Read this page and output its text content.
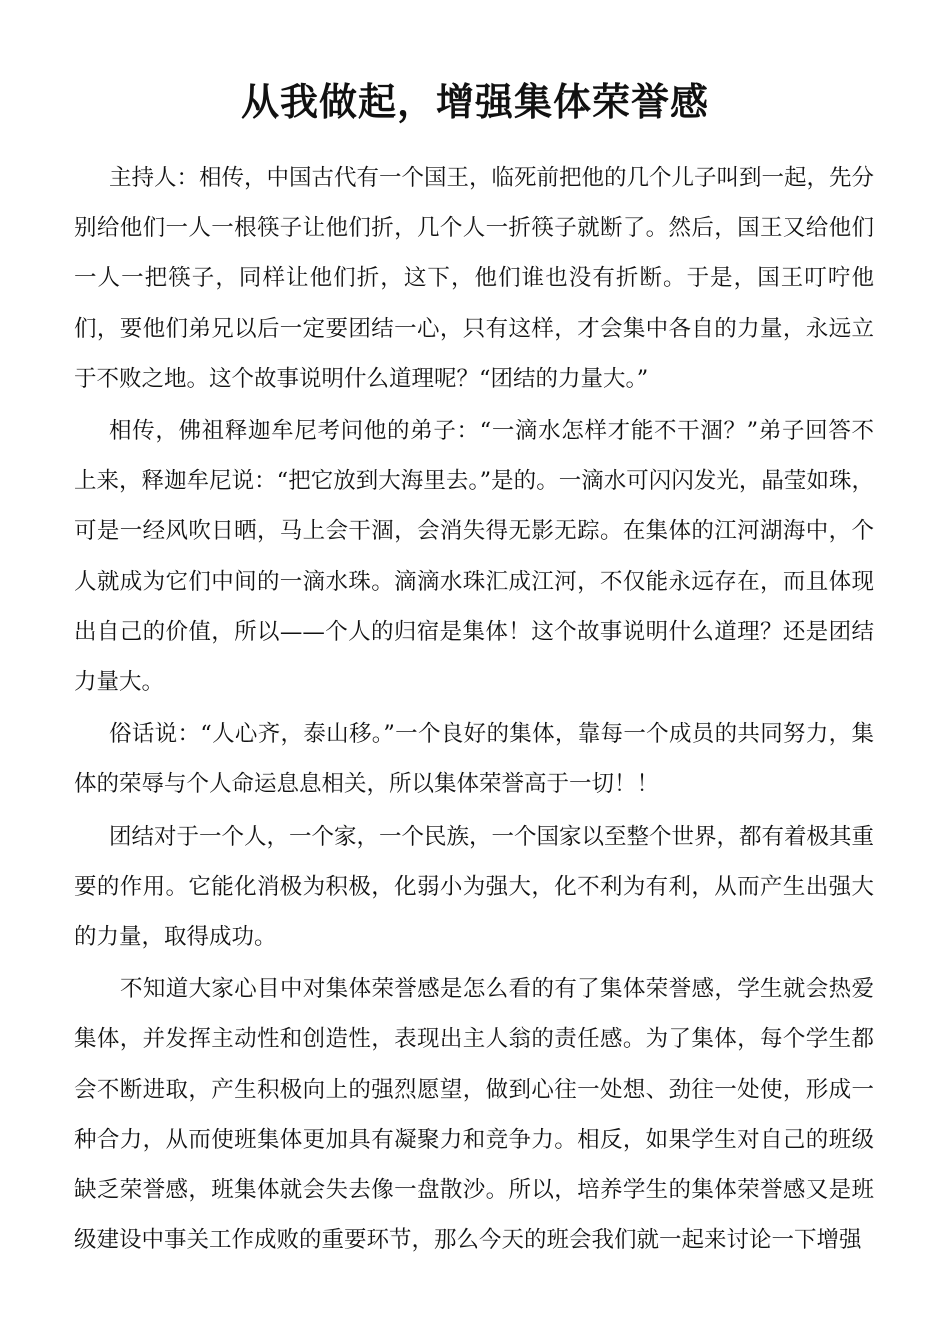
从我做起，增强集体荣誉感

主持人：相传，中国古代有一个国王，临死前把他的几个儿子叫到一起，先分别给他们一人一根筷子让他们折，几个人一折筷子就断了。然后，国王又给他们一人一把筷子，同样让他们折，这下，他们谁也没有折断。于是，国王叮咛他们，要他们弟兄以后一定要团结一心，只有这样，才会集中各自的力量，永远立于不败之地。这个故事说明什么道理呢？“团结的力量大。”

相传，佛祖释迦牟尼考问他的弟子：“一滴水怎样才能不干涸？”弟子回答不上来，释迦牟尼说：“把它放到大海里去。”是的。一滴水可闪闪发光，晶莹如珠，可是一经风吹日晒，马上会干涸，会消失得无影无踪。在集体的江河湖海中，个人就成为它们中间的一滴水珠。滴滴水珠汇成江河，不仅能永远存在，而且体现出自己的价值，所以——个人的归宿是集体！这个故事说明什么道理？还是团结力量大。

俗话说：“人心齐，泰山移。”一个良好的集体，靠每一个成员的共同努力，集体的荣辱与个人命运息息相关，所以集体荣誉高于一切！！

团结对于一个人，一个家，一个民族，一个国家以至整个世界，都有着极其重要的作用。它能化消极为积极，化弱小为强大，化不利为有利，从而产生出强大的力量，取得成功。

不知道大家心目中对集体荣誉感是怎么看的有了集体荣誉感，学生就会热爱集体，并发挥主动性和创造性，表现出主人翁的责任感。为了集体，每个学生都会不断进取，产生积极向上的强烈愿望，做到心往一处想、劲往一处使，形成一种合力，从而使班集体更加具有凝聚力和竞争力。相反，如果学生对自己的班级缺乏荣誉感，班集体就会失去像一盘散沙。所以，培养学生的集体荣誉感又是班级建设中事关工作成败的重要环节，那么今天的班会我们就一起来讨论一下增强
